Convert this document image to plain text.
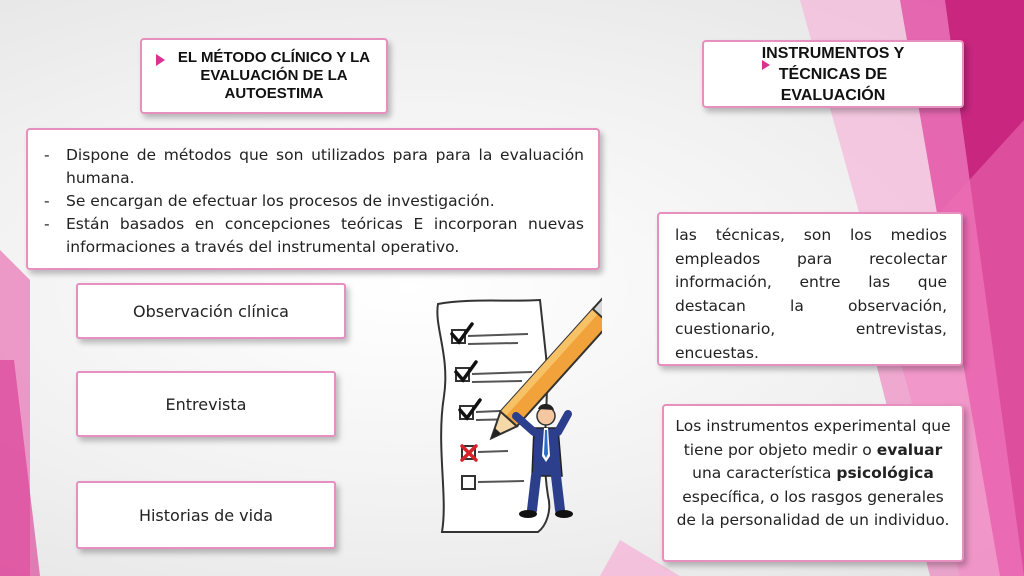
EL MÉTODO CLÍNICO Y LA EVALUACIÓN DE LA AUTOESTIMA
INSTRUMENTOS Y TÉCNICAS DE EVALUACIÓN
- Dispone de métodos que son utilizados para para la evaluación humana.
- Se encargan de efectuar los procesos de investigación.
- Están basados en concepciones teóricas E incorporan nuevas informaciones a través del instrumental operativo.
Observación clínica
Entrevista
Historias de vida
las técnicas, son los medios empleados para recolectar información, entre las que destacan la observación, cuestionario, entrevistas, encuestas.
Los instrumentos experimental que tiene por objeto medir o evaluar una característica psicológica específica, o los rasgos generales de la personalidad de un individuo.
